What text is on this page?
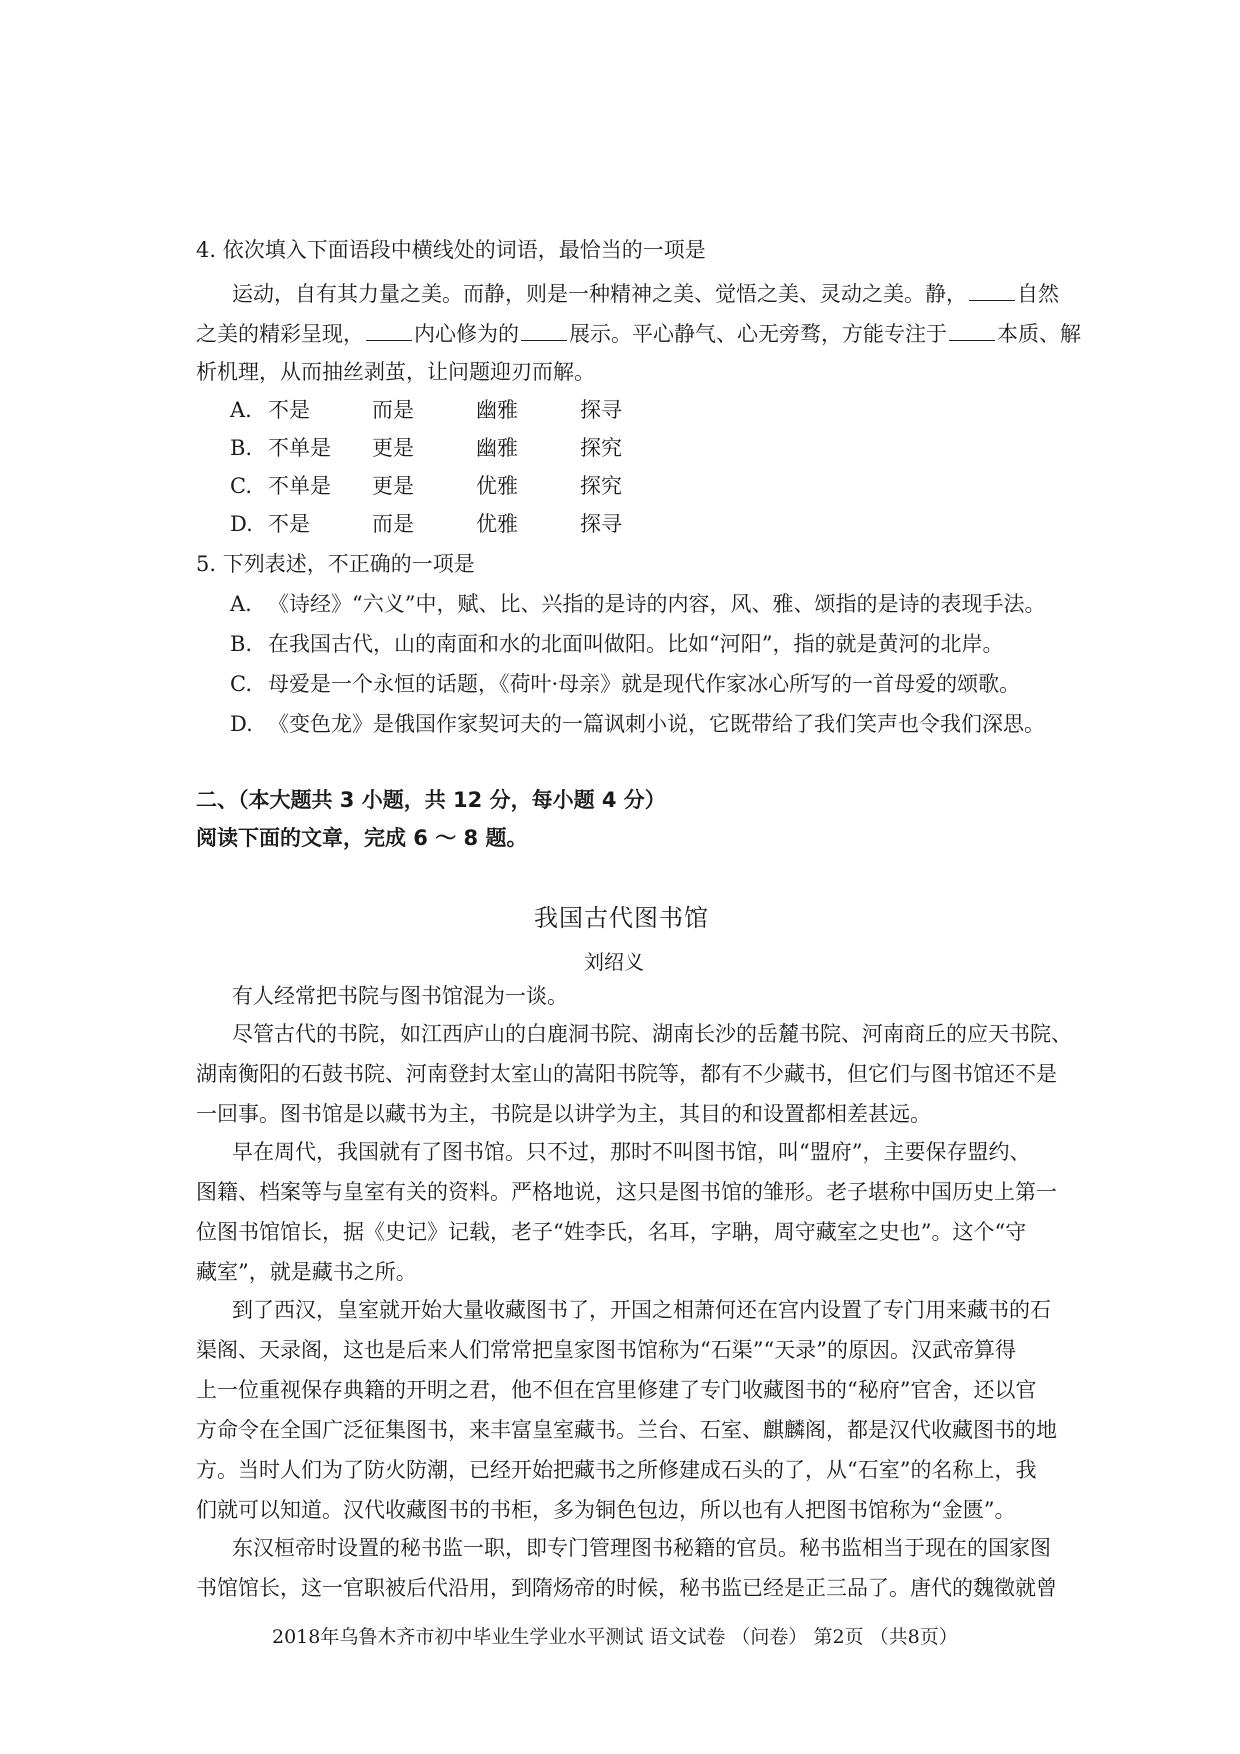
4. 依次填入下面语段中横线处的词语，最恰当的一项是
运动，自有其力量之美。而静，则是一种精神之美、觉悟之美、灵动之美。静， 自然
之美的精彩呈现， 内心修为的 展示。平心静气、心无旁骛，方能专注于 本质、解
析机理，从而抽丝剥茧，让问题迎刃而解。
A. 不是	而是	幽雅	探寻
B. 不单是 更是	幽雅	探究
C. 不单是 更是	优雅	探究
D. 不是	而是	优雅	探寻
5. 下列表述，不正确的一项是
A. 《诗经》“六义”中，赋、比、兴指的是诗的内容，风、雅、颂指的是诗的表现手法。
B. 在我国古代，山的南面和水的北面叫做阳。比如“河阳”，指的就是黄河的北岸。
C. 母爱是一个永恒的话题，《荷叶·母亲》就是现代作家冰心所写的一首母爱的颂歌。
D. 《变色龙》是俄国作家契诃夫的一篇讽刺小说，它既带给了我们笑声也令我们深思。
二、（本大题共 3 小题，共 12 分，每小题 4 分）
阅读下面的文章，完成 6 ～ 8 题。
我国古代图书馆
刘绍义
有人经常把书院与图书馆混为一谈。
尽管古代的书院，如江西庐山的白鹿洞书院、湖南长沙的岳麓书院、河南商丘的应天书院、
湖南衡阳的石鼓书院、河南登封太室山的嵩阳书院等，都有不少藏书，但它们与图书馆还不是
一回事。图书馆是以藏书为主，书院是以讲学为主，其目的和设置都相差甚远。
早在周代，我国就有了图书馆。只不过，那时不叫图书馆，叫“盟府”，主要保存盟约、
图籍、档案等与皇室有关的资料。严格地说，这只是图书馆的雏形。老子堪称中国历史上第一
位图书馆馆长，据《史记》记载，老子“姓李氏，名耳，字聃，周守藏室之史也”。这个“守
藏室”，就是藏书之所。
到了西汉，皇室就开始大量收藏图书了，开国之相萧何还在宫内设置了专门用来藏书的石
渠阁、天录阁，这也是后来人们常常把皇家图书馆称为“石渠”“天录”的原因。汉武帝算得
上一位重视保存典籍的开明之君，他不但在宫里修建了专门收藏图书的“秘府”官舍，还以官
方命令在全国广泛征集图书，来丰富皇室藏书。兰台、石室、麒麟阁，都是汉代收藏图书的地
方。当时人们为了防火防潮，已经开始把藏书之所修建成石头的了，从“石室”的名称上，我
们就可以知道。汉代收藏图书的书柜，多为铜色包边，所以也有人把图书馆称为“金匮”。
东汉桓帝时设置的秘书监一职，即专门管理图书秘籍的官员。秘书监相当于现在的国家图
书馆馆长，这一官职被后代沿用，到隋炀帝的时候，秘书监已经是正三品了。唐代的魏徵就曾
2018年乌鲁木齐市初中毕业生学业水平测试 语文试卷 （问卷） 第2页 （共8页）
